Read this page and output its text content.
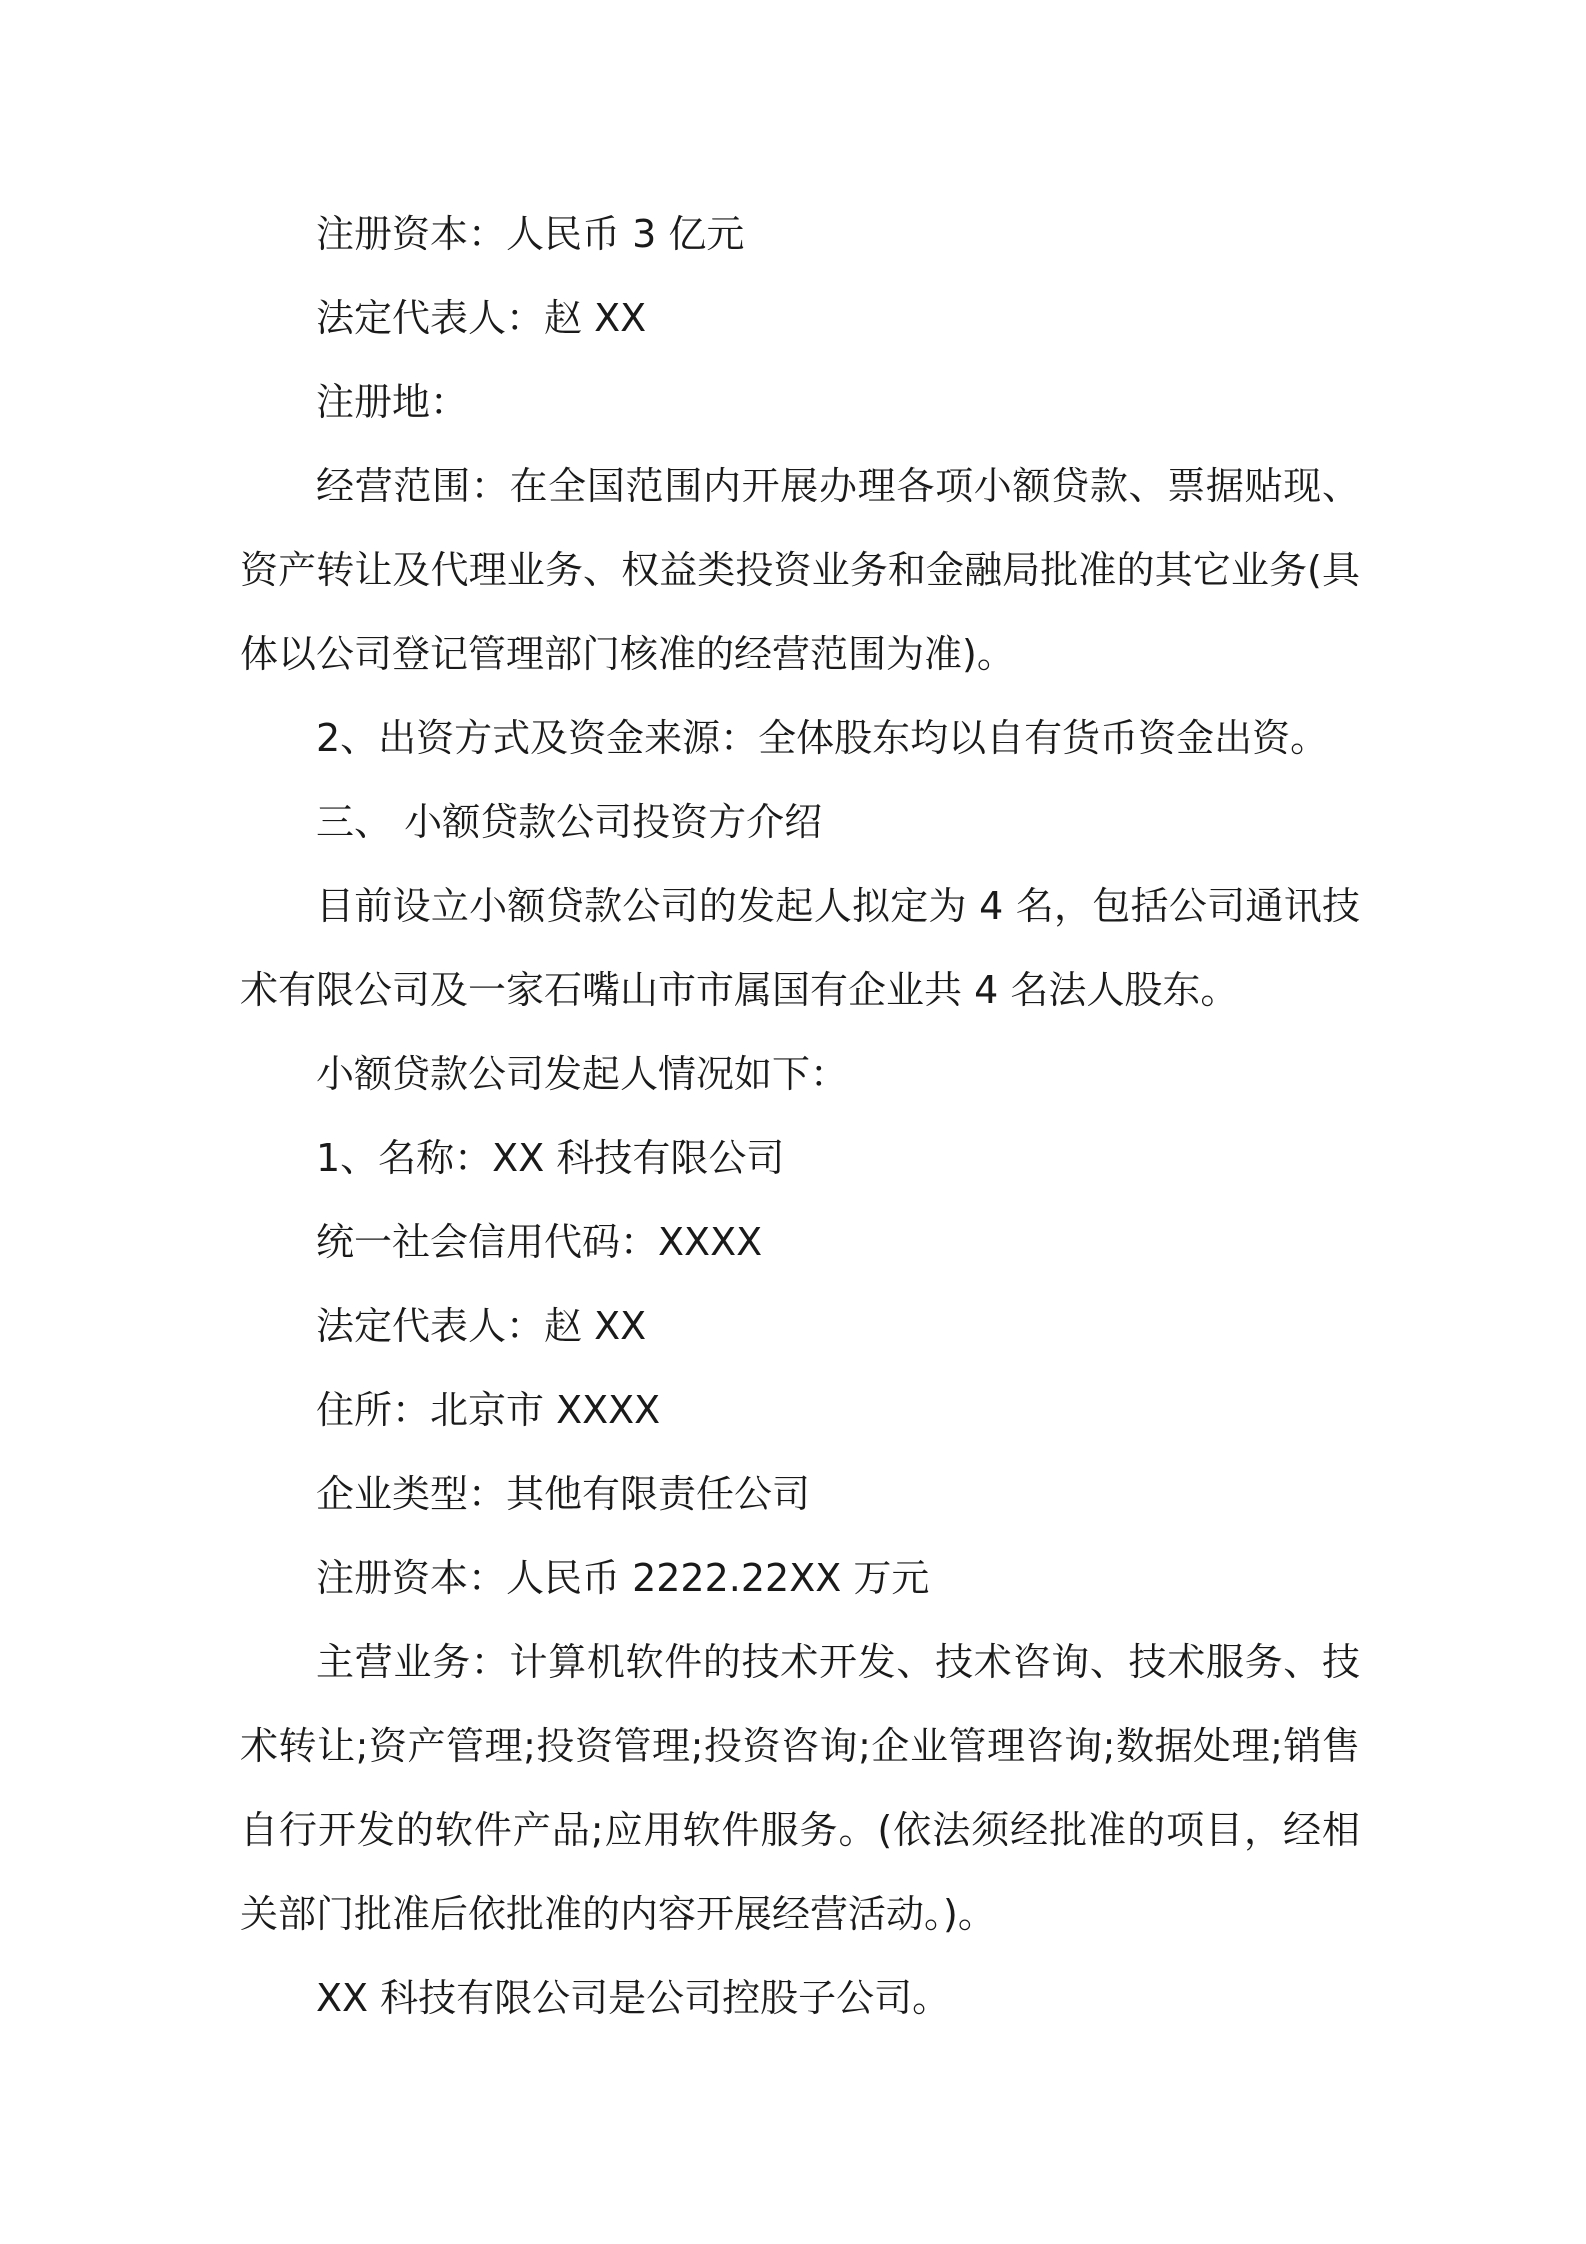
注册资本：人民币 3 亿元

法定代表人：赵 XX

注册地：

经营范围：在全国范围内开展办理各项小额贷款、票据贴现、资产转让及代理业务、权益类投资业务和金融局批准的其它业务(具体以公司登记管理部门核准的经营范围为准)。

2、出资方式及资金来源：全体股东均以自有货币资金出资。

三、 小额贷款公司投资方介绍

目前设立小额贷款公司的发起人拟定为 4 名，包括公司通讯技术有限公司及一家石嘴山市市属国有企业共 4 名法人股东。

小额贷款公司发起人情况如下：

1、名称：XX 科技有限公司

统一社会信用代码：XXXX

法定代表人：赵 XX

住所：北京市 XXXX

企业类型：其他有限责任公司

注册资本：人民币 2222.22XX 万元

主营业务：计算机软件的技术开发、技术咨询、技术服务、技术转让;资产管理;投资管理;投资咨询;企业管理咨询;数据处理;销售自行开发的软件产品;应用软件服务。(依法须经批准的项目，经相关部门批准后依批准的内容开展经营活动。)。

XX 科技有限公司是公司控股子公司。
